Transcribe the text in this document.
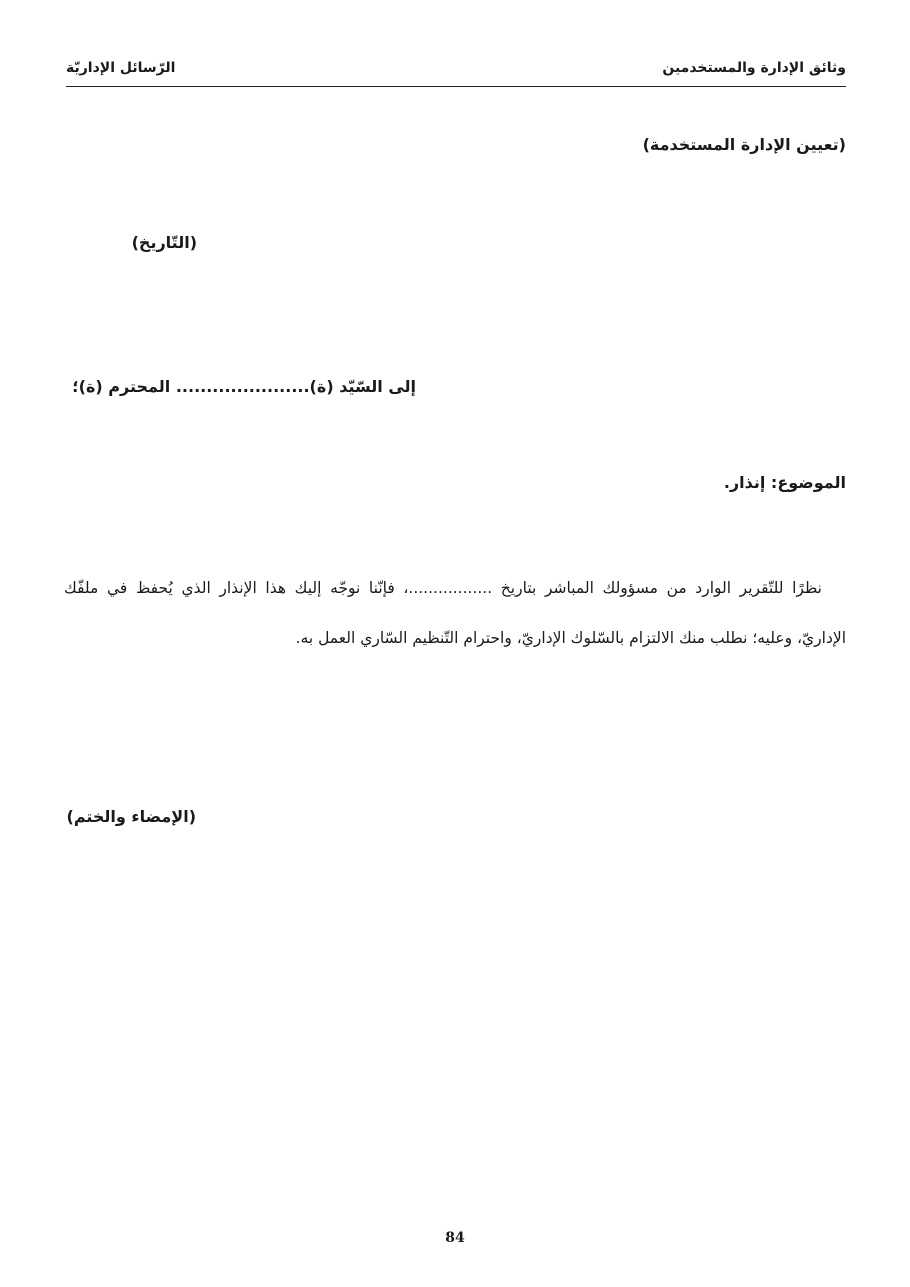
وثائق الإدارة والمستخدمين
الرّسائل الإداريّة
(تعيين الإدارة المستخدمة)
(التّاريخ)
إلى السّيّد (ة)...................... المحترم (ة)؛
الموضوع: إنذار.
نظرًا للتّقرير الوارد من مسؤولك المباشر بتاريخ .................، فإنّنا نوجّه إليك هذا الإنذار الذي يُحفظ في ملفّك
الإداريّ، وعليه؛ نطلب منك الالتزام بالسّلوك الإداريّ، واحترام التّنظيم السّاري العمل به.
(الإمضاء والختم)
84
